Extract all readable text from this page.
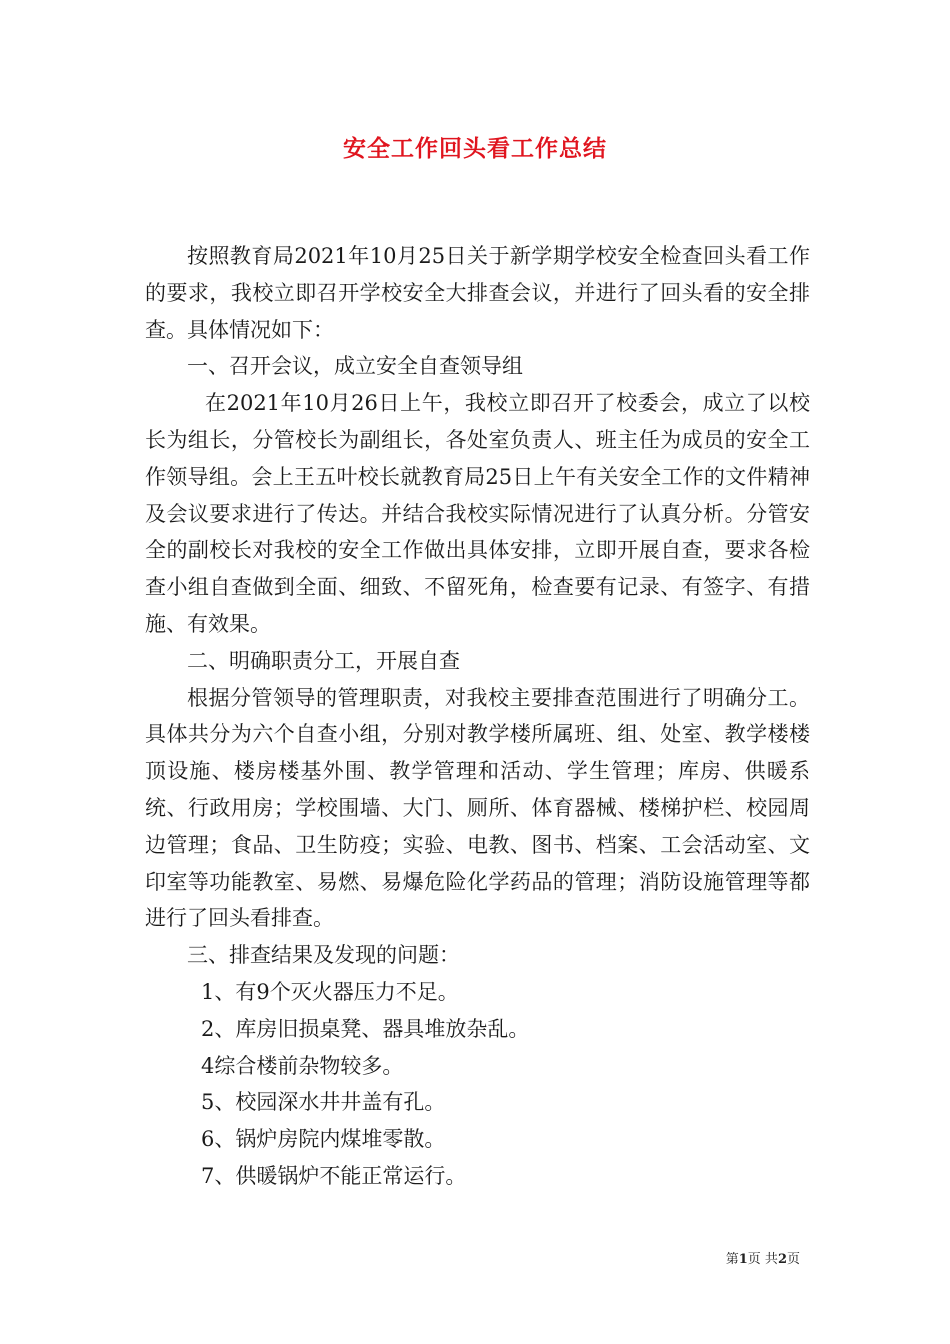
安全工作回头看工作总结

按照教育局2021年10月25日关于新学期学校安全检查回头看工作的要求，我校立即召开学校安全大排查会议，并进行了回头看的安全排查。具体情况如下：

一、召开会议，成立安全自查领导组

在2021年10月26日上午，我校立即召开了校委会，成立了以校长为组长，分管校长为副组长，各处室负责人、班主任为成员的安全工作领导组。会上王五叶校长就教育局25日上午有关安全工作的文件精神及会议要求进行了传达。并结合我校实际情况进行了认真分析。分管安全的副校长对我校的安全工作做出具体安排，立即开展自查，要求各检查小组自查做到全面、细致、不留死角，检查要有记录、有签字、有措施、有效果。

二、明确职责分工，开展自查

根据分管领导的管理职责，对我校主要排查范围进行了明确分工。具体共分为六个自查小组，分别对教学楼所属班、组、处室、教学楼楼顶设施、楼房楼基外围、教学管理和活动、学生管理；库房、供暖系统、行政用房；学校围墙、大门、厕所、体育器械、楼梯护栏、校园周边管理；食品、卫生防疫；实验、电教、图书、档案、工会活动室、文印室等功能教室、易燃、易爆危险化学药品的管理；消防设施管理等都进行了回头看排查。

三、排查结果及发现的问题：

1、有9个灭火器压力不足。

2、库房旧损桌凳、器具堆放杂乱。

4综合楼前杂物较多。

5、校园深水井井盖有孔。

6、锅炉房院内煤堆零散。

7、供暖锅炉不能正常运行。

第1页 共2页
